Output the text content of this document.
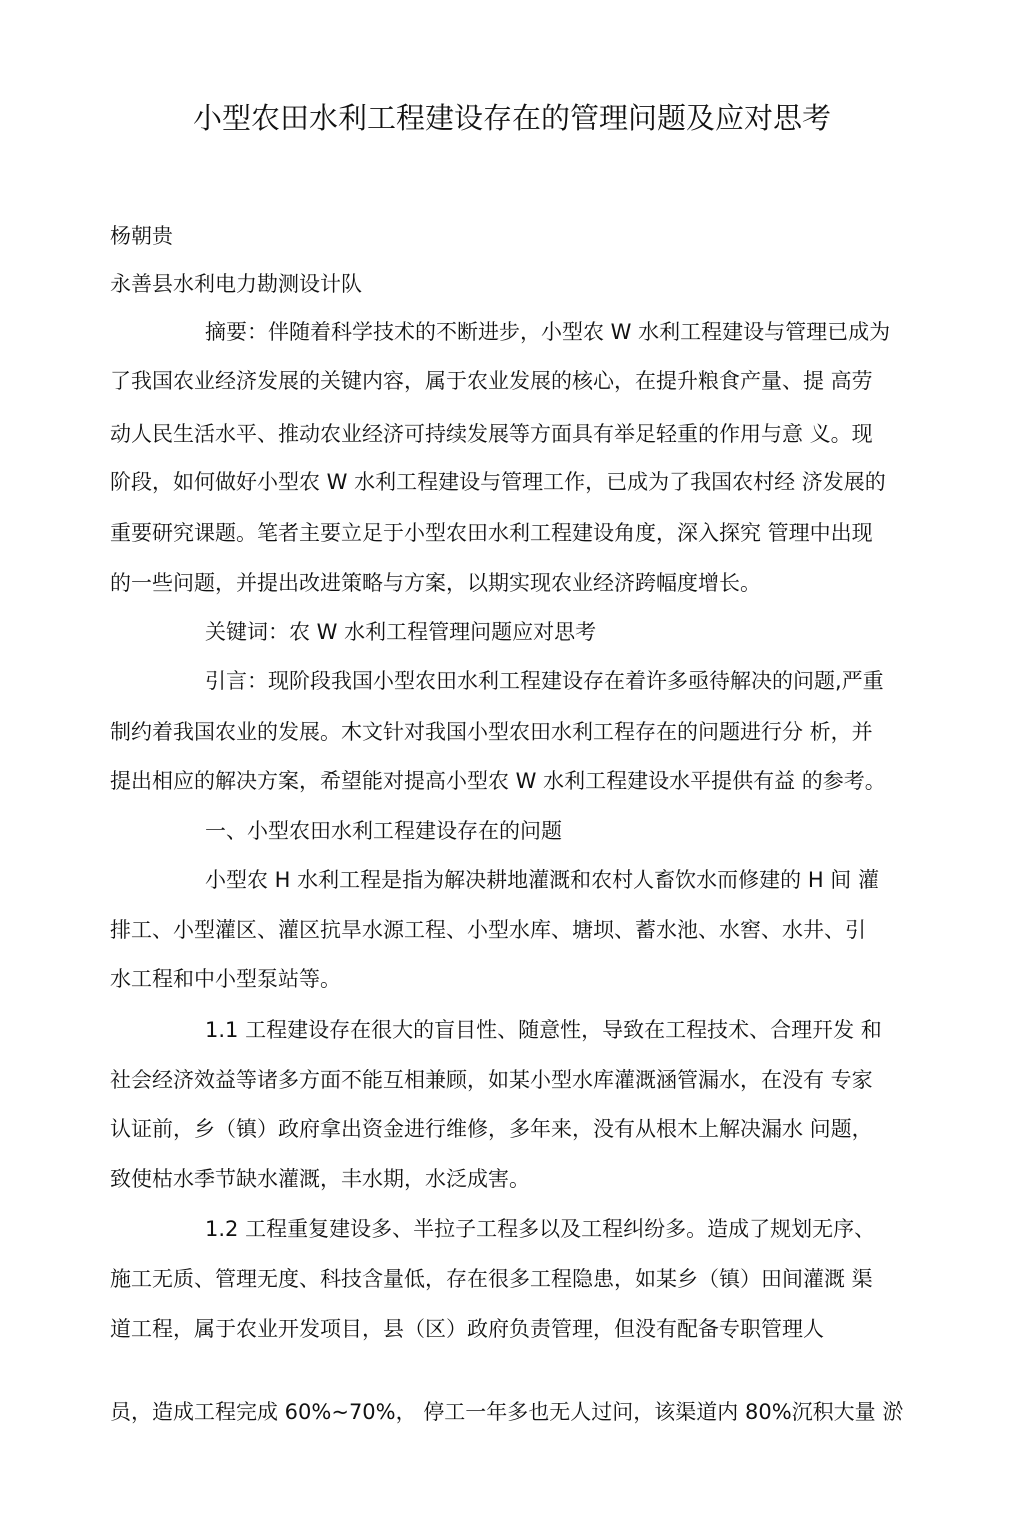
小型农田水利工程建设存在的管理问题及应对思考

杨朝贵

永善县水利电力勘测设计队

摘要：伴随着科学技术的不断进步，小型农 W 水利工程建设与管理已成为

了我国农业经济发展的关键内容，属于农业发展的核心，在提升粮食产量、提 高劳

动人民生活水平、推动农业经济可持续发展等方面具有举足轻重的作用与意 义。现

阶段，如何做好小型农 W 水利工程建设与管理工作，已成为了我国农村经 济发展的

重要研究课题。笔者主要立足于小型农田水利工程建设角度，深入探究 管理中出现

的一些问题，并提出改进策略与方案，以期实现农业经济跨幅度增长。

关键词：农 W 水利工程管理问题应对思考

引言：现阶段我国小型农田水利工程建设存在着许多亟待解决的问题,严重

制约着我国农业的发展。木文针对我国小型农田水利工程存在的问题进行分 析，并

提出相应的解决方案，希望能对提高小型农 W 水利工程建设水平提供有益 的参考。

一、小型农田水利工程建设存在的问题

小型农 H 水利工程是指为解决耕地灌溉和农村人畜饮水而修建的 H 间 灌

排工、小型灌区、灌区抗旱水源工程、小型水库、塘坝、蓄水池、水窖、水井、引

水工程和中小型泵站等。

1.1 工程建设存在很大的盲目性、随意性，导致在工程技术、合理幵发 和

社会经济效益等诸多方面不能互相兼顾，如某小型水库灌溉涵管漏水，在没有 专家

认证前，乡（镇）政府拿出资金进行维修，多年来，没有从根木上解决漏水 问题，

致使枯水季节缺水灌溉，丰水期，水泛成害。

1.2 工程重复建设多、半拉子工程多以及工程纠纷多。造成了规划无序、

施工无质、管理无度、科技含量低，存在很多工程隐患，如某乡（镇）田间灌溉 渠

道工程，属于农业开发项目，县（区）政府负责管理，但没有配备专职管理人

员，造成工程完成 60%~70%， 停工一年多也无人过问，该渠道内 80%沉积大量 淤
